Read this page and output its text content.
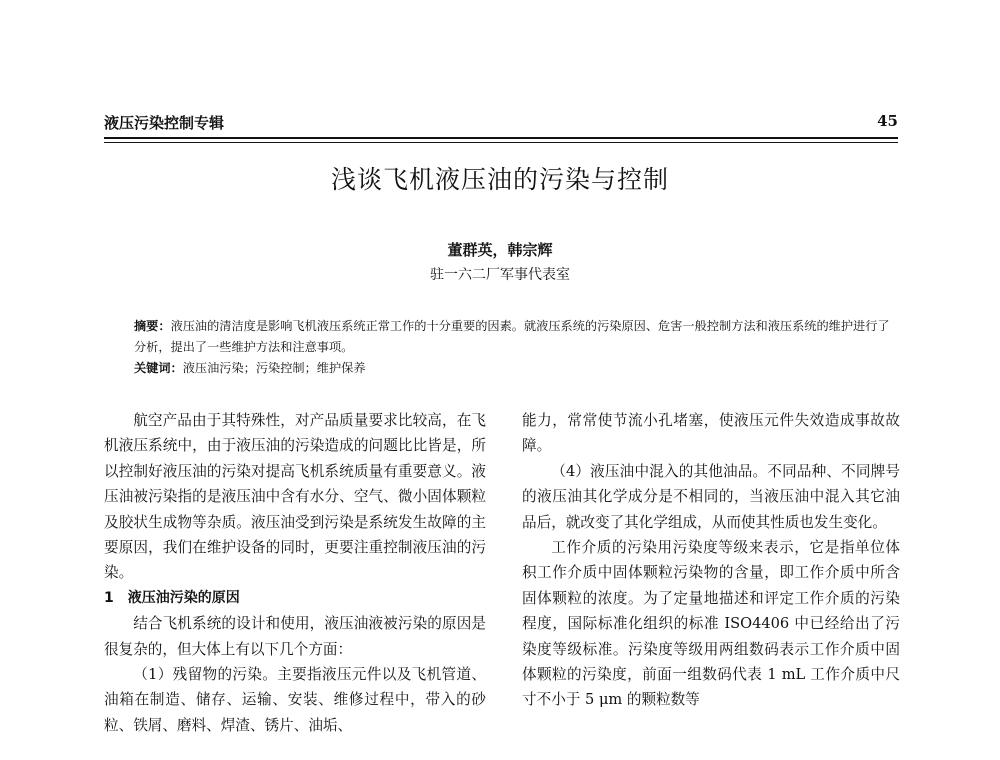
液压污染控制专辑	45
浅谈飞机液压油的污染与控制
董群英，韩宗辉
驻一六二厂军事代表室
摘要：液压油的清洁度是影响飞机液压系统正常工作的十分重要的因素。就液压系统的污染原因、危害一般控制方法和液压系统的维护进行了分析，提出了一些维护方法和注意事项。
关键词：液压油污染；污染控制；维护保养

航空产品由于其特殊性，对产品质量要求比较高，在飞机液压系统中，由于液压油的污染造成的问题比比皆是，所以控制好液压油的污染对提高飞机系统质量有重要意义。液压油被污染指的是液压油中含有水分、空气、微小固体颗粒及胶状生成物等杂质。液压油受到污染是系统发生故障的主要原因，我们在维护设备的同时，更要注重控制液压油的污染。

1　液压油污染的原因

结合飞机系统的设计和使用，液压油液被污染的原因是很复杂的，但大体上有以下几个方面：

（1）残留物的污染。主要指液压元件以及飞机管道、油箱在制造、储存、运输、安装、维修过程中，带入的砂粒、铁屑、磨料、焊渣、锈片、油垢、

能力，常常使节流小孔堵塞，使液压元件失效造成事故故障。

（4）液压油中混入的其他油品。不同品种、不同牌号的液压油其化学成分是不相同的，当液压油中混入其它油品后，就改变了其化学组成，从而使其性质也发生变化。

工作介质的污染用污染度等级来表示，它是指单位体积工作介质中固体颗粒污染物的含量，即工作介质中所含固体颗粒的浓度。为了定量地描述和评定工作介质的污染程度，国际标准化组织的标准 ISO4406 中已经给出了污染度等级标准。污染度等级用两组数码表示工作介质中固体颗粒的污染度，前面一组数码代表 1 mL 工作介质中尺寸不小于 5 μm 的颗粒数等
